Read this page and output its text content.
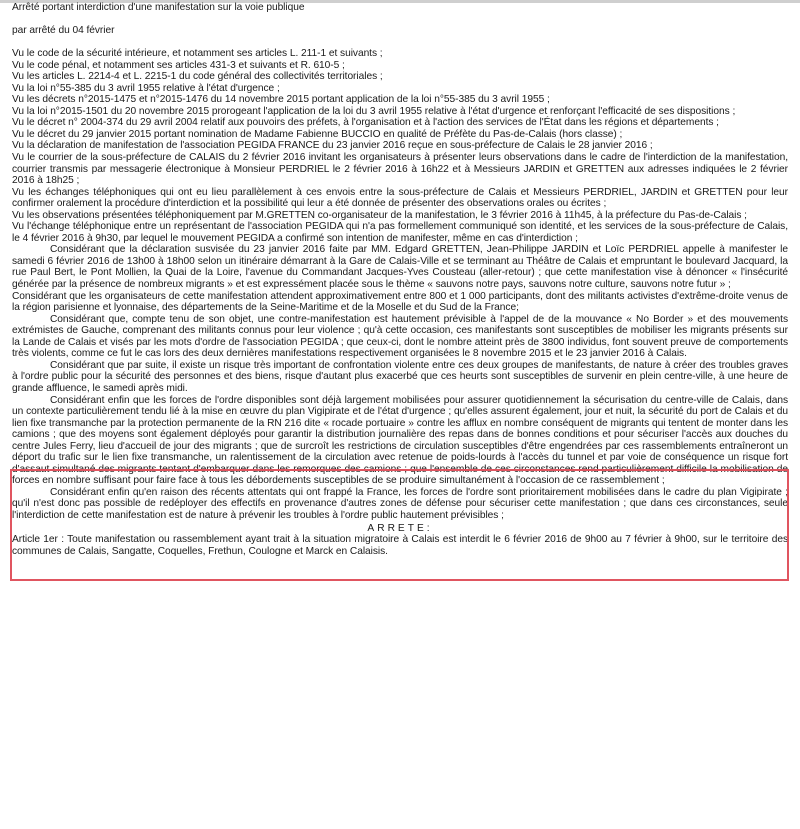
Arrêté portant interdiction d'une manifestation sur la voie publique

par arrêté du 04 février

Vu le code de la sécurité intérieure, et notamment ses articles L. 211-1 et suivants ;

Vu le code pénal, et notamment ses articles 431-3 et suivants et R. 610-5 ;

Vu les articles L. 2214-4 et L. 2215-1 du code général des collectivités territoriales ;

Vu la loi n°55-385 du 3 avril 1955 relative à l'état d'urgence ;

Vu les décrets n°2015-1475 et n°2015-1476 du 14 novembre 2015 portant application de la loi n°55-385 du 3 avril 1955 ;

Vu la loi n°2015-1501 du 20 novembre 2015 prorogeant l'application de la loi du 3 avril 1955 relative à l'état d'urgence et renforçant l'efficacité de ses dispositions ;

Vu le décret n° 2004-374 du 29 avril 2004 relatif aux pouvoirs des préfets, à l'organisation et à l'action des services de l'État dans les régions et départements ;

Vu le décret du 29 janvier 2015 portant nomination de Madame Fabienne BUCCIO en qualité de Préfète du Pas-de-Calais (hors classe) ;

Vu la déclaration de manifestation de l'association PEGIDA FRANCE du 23 janvier 2016 reçue en sous-préfecture de Calais le 28 janvier 2016 ;

Vu le courrier de la sous-préfecture de CALAIS du 2 février 2016 invitant les organisateurs à présenter leurs observations dans le cadre de l'interdiction de la manifestation, courrier transmis par messagerie électronique à Monsieur PERDRIEL le 2 février 2016 à 16h22 et à Messieurs JARDIN et GRETTEN aux adresses indiquées le 2 février 2016 à 18h25 ;

Vu les échanges téléphoniques qui ont eu lieu parallèlement à ces envois entre la sous-préfecture de Calais et Messieurs PERDRIEL, JARDIN et GRETTEN pour leur confirmer oralement la procédure d'interdiction et la possibilité qui leur a été donnée de présenter des observations orales ou écrites ;

Vu les observations présentées téléphoniquement par M.GRETTEN co-organisateur de la manifestation, le 3 février 2016 à 11h45, à la préfecture du Pas-de-Calais ;

Vu l'échange téléphonique entre un représentant de l'association PEGIDA qui n'a pas formellement communiqué son identité, et les services de la sous-préfecture de Calais, le 4 février 2016 à 9h30, par lequel le mouvement PEGIDA a confirmé son intention de manifester, même en cas d'interdiction ;

Considérant que la déclaration susvisée du 23 janvier 2016 faite par MM. Edgard GRETTEN, Jean-Philippe JARDIN et Loïc PERDRIEL appelle à manifester le samedi 6 février 2016 de 13h00 à 18h00 selon un itinéraire démarrant à la Gare de Calais-Ville et se terminant au Théâtre de Calais et empruntant le boulevard Jacquard, la rue Paul Bert, le Pont Mollien, la Quai de la Loire, l'avenue du Commandant Jacques-Yves Cousteau (aller-retour) ; que cette manifestation vise à dénoncer « l'insécurité générée par la présence de nombreux migrants » et est expressément placée sous le thème « sauvons notre pays, sauvons notre culture, sauvons notre futur » ;

Considérant que les organisateurs de cette manifestation attendent approximativement entre 800 et 1 000 participants, dont des militants activistes d'extrême-droite venus de la région parisienne et lyonnaise, des départements de la Seine-Maritime et de la Moselle et du Sud de la France;

Considérant que, compte tenu de son objet, une contre-manifestation est hautement prévisible à l'appel de de la mouvance « No Border » et des mouvements extrémistes de Gauche, comprenant des militants connus pour leur violence ; qu'à cette occasion, ces manifestants sont susceptibles de mobiliser les migrants présents sur la Lande de Calais et visés par les mots d'ordre de l'association PEGIDA ; que ceux-ci, dont le nombre atteint près de 3800 individus, font souvent preuve de comportements très violents, comme ce fut le cas lors des deux dernières manifestations respectivement organisées le 8 novembre 2015 et le 23 janvier 2016 à Calais.

Considérant que par suite, il existe un risque très important de confrontation violente entre ces deux groupes de manifestants, de nature à créer des troubles graves à l'ordre public pour la sécurité des personnes et des biens, risque d'autant plus exacerbé que ces heurts sont susceptibles de survenir en plein centre-ville, à une heure de grande affluence, le samedi après midi.

Considérant enfin que les forces de l'ordre disponibles sont déjà largement mobilisées pour assurer quotidiennement la sécurisation du centre-ville de Calais, dans un contexte particulièrement tendu lié à la mise en œuvre du plan Vigipirate et de l'état d'urgence ; qu'elles assurent également, jour et nuit, la sécurité du port de Calais et du lien fixe transmanche par la protection permanente de la RN 216 dite « rocade portuaire » contre les afflux en nombre conséquent de migrants qui tentent de monter dans les camions ; que des moyens sont également déployés pour garantir la distribution journalière des repas dans de bonnes conditions et pour sécuriser l'accès aux douches du centre Jules Ferry, lieu d'accueil de jour des migrants ; que de surcroît les restrictions de circulation susceptibles d'être engendrées par ces rassemblements entraîneront un déport du trafic sur le lien fixe transmanche, un ralentissement de la circulation avec retenue de poids-lourds à l'accès du tunnel et par voie de conséquence un risque fort d'assaut simultané des migrants tentant d'embarquer dans les remorques des camions ; que l'ensemble de ces circonstances rend particulièrement difficile la mobilisation de forces en nombre suffisant pour faire face à tous les débordements susceptibles de se produire simultanément à l'occasion de ce rassemblement ;

Considérant enfin qu'en raison des récents attentats qui ont frappé la France, les forces de l'ordre sont prioritairement mobilisées dans le cadre du plan Vigipirate ; qu'il n'est donc pas possible de redéployer des effectifs en provenance d'autres zones de défense pour sécuriser cette manifestation ; que dans ces circonstances, seule l'interdiction de cette manifestation est de nature à prévenir les troubles à l'ordre public hautement prévisibles ;

ARRETE:

Article 1er : Toute manifestation ou rassemblement ayant trait à la situation migratoire à Calais est interdit le 6 février 2016 de 9h00 au 7 février à 9h00, sur le territoire des communes de Calais, Sangatte, Coquelles, Frethun, Coulogne et Marck en Calaisis.
